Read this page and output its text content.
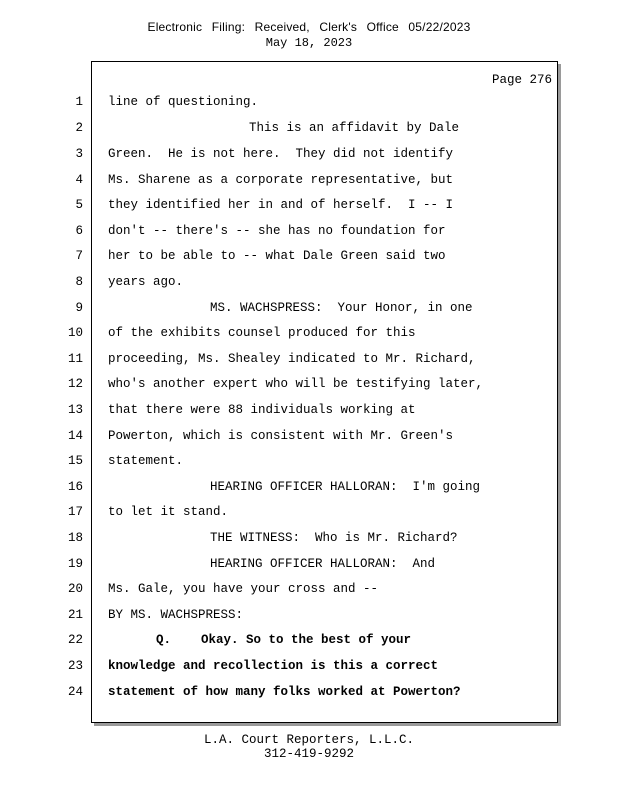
Electronic Filing: Received, Clerk's Office 05/22/2023
May 18, 2023
Page 276
1 line of questioning.
2	This is an affidavit by Dale
3 Green.  He is not here.  They did not identify
4 Ms. Sharene as a corporate representative, but
5 they identified her in and of herself.  I -- I
6 don't -- there's -- she has no foundation for
7 her to be able to -- what Dale Green said two
8 years ago.
9	MS. WACHSPRESS:  Your Honor, in one
10 of the exhibits counsel produced for this
11 proceeding, Ms. Shealey indicated to Mr. Richard,
12 who's another expert who will be testifying later,
13 that there were 88 individuals working at
14 Powerton, which is consistent with Mr. Green's
15 statement.
16	HEARING OFFICER HALLORAN:  I'm going
17 to let it stand.
18	THE WITNESS:  Who is Mr. Richard?
19	HEARING OFFICER HALLORAN:  And
20 Ms. Gale, you have your cross and --
21 BY MS. WACHSPRESS:
22	Q.    Okay. So to the best of your
23 knowledge and recollection is this a correct
24 statement of how many folks worked at Powerton?
L.A. Court Reporters, L.L.C.
312-419-9292
